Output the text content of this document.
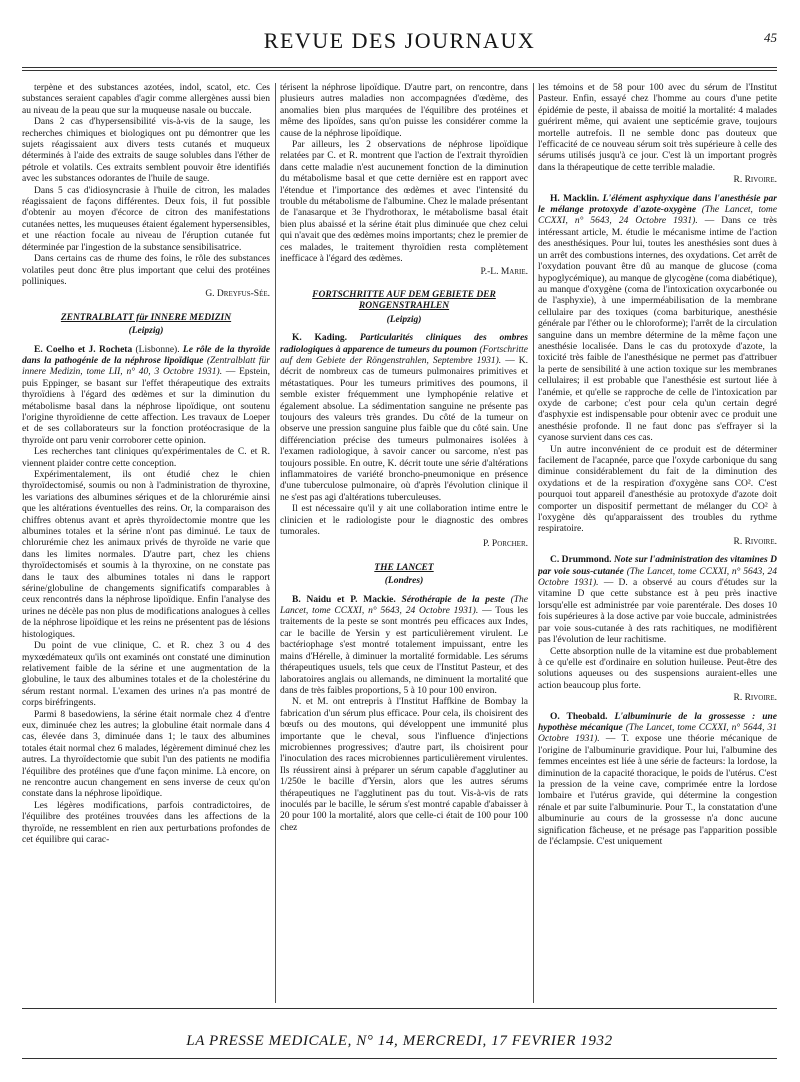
REVUE DES JOURNAUX	45

terpène et des substances azotées, indol, scatol, etc. Ces substances seraient capables d'agir comme allergènes aussi bien au niveau de la peau que sur la muqueuse nasale ou buccale.

Dans 2 cas d'hypersensibilité vis-à-vis de la sauge, les recherches chimiques et biologiques ont pu démontrer que les sujets réagissaient aux divers tests cutanés et muqueux déterminés à l'aide des extraits de sauge solubles dans l'éther de pétrole et volatils. Ces extraits semblent pouvoir être identifiés avec les substances odorantes de l'huile de sauge.

Dans 5 cas d'idiosyncrasie à l'huile de citron, les malades réagissaient de façons différentes. Deux fois, il fut possible d'obtenir au moyen d'écorce de citron des manifestations cutanées nettes, les muqueuses étaient également hypersensibles, et une réaction focale au niveau de l'éruption cutanée fut déterminée par l'ingestion de la substance sensibilisatrice.

Dans certains cas de rhume des foins, le rôle des substances volatiles peut donc être plus important que celui des protéines polliniques.

G. Dreyfus-Sée.

ZENTRALBLATT für INNERE MEDIZIN

(Leipzig)

E. Coelho et J. Rocheta (Lisbonne). Le rôle de la thyroïde dans la pathogénie de la néphrose lipoïdique (Zentralblatt für innere Medizin, tome LII, n° 40, 3 Octobre 1931). — Epstein, puis Eppinger, se basant sur l'effet thérapeutique des extraits thyroïdiens à l'égard des œdèmes et sur la diminution du métabolisme basal dans la néphrose lipoïdique, ont soutenu l'origine thyroïdienne de cette affection. Les travaux de Loeper et de ses collaborateurs sur la fonction protéocrasique de la thyroïde ont paru venir corroborer cette opinion.

Les recherches tant cliniques qu'expérimentales de C. et R. viennent plaider contre cette conception.

Expérimentalement, ils ont étudié chez le chien thyroïdectomisé, soumis ou non à l'administration de thyroxine, les variations des albumines sériques et de la chlorurémie ainsi que les altérations éventuelles des reins. Or, la comparaison des chiffres obtenus avant et après thyroïdectomie montre que les albumines totales et la sérine n'ont pas diminué. Le taux de chlorurémie chez les animaux privés de thyroïde ne varie que dans les limites normales. D'autre part, chez les chiens thyroïdectomisés et soumis à la thyroxine, on ne constate pas dans le taux des albumines totales ni dans le rapport sérine/globuline de changements significatifs comparables à ceux rencontrés dans la néphrose lipoïdique. Enfin l'analyse des urines ne décèle pas non plus de modifications analogues à celles de la néphrose lipoïdique et les reins ne présentent pas de lésions histologiques.

Du point de vue clinique, C. et R. chez 3 ou 4 des myxœdémateux qu'ils ont examinés ont constaté une diminution relativement faible de la sérine et une augmentation de la globuline, le taux des albumines totales et de la cholestérine du sérum restant normal. L'examen des urines n'a pas montré de corps biréfringents.

Parmi 8 basedowiens, la sérine était normale chez 4 d'entre eux, diminuée chez les autres; la globuline était normale dans 4 cas, élevée dans 3, diminuée dans 1; le taux des albumines totales était normal chez 6 malades, légèrement diminué chez les autres. La thyroïdectomie que subit l'un des patients ne modifia l'équilibre des protéines que d'une façon minime. Là encore, on ne rencontre aucun changement en sens inverse de ceux qu'on constate dans la néphrose lipoïdique.

Les légères modifications, parfois contradictoires, de l'équilibre des protéines trouvées dans les affections de la thyroïde, ne ressemblent en rien aux perturbations profondes de cet équilibre qui carac-

térisent la néphrose lipoïdique. D'autre part, on rencontre, dans plusieurs autres maladies non accompagnées d'œdème, des anomalies bien plus marquées de l'équilibre des protéines et même des lipoïdes, sans qu'on puisse les considérer comme la cause de la néphrose lipoïdique.

Par ailleurs, les 2 observations de néphrose lipoïdique relatées par C. et R. montrent que l'action de l'extrait thyroïdien dans cette maladie n'est aucunement fonction de la diminution du métabolisme basal et que cette dernière est en rapport avec l'étendue et l'importance des œdèmes et avec l'intensité du trouble du métabolisme de l'albumine. Chez le malade présentant de l'anasarque et 3e l'hydrothorax, le métabolisme basal était bien plus abaissé et la sérine était plus diminuée que chez celui qui n'avait que des œdèmes moins importants; chez le premier de ces malades, le traitement thyroïdien resta complètement inefficace à l'égard des œdèmes.

P.-L. Marie.

FORTSCHRITTE AUF DEM GEBIETE DER RONGENSTRAHLEN

(Leipzig)

K. Kading. Particularités cliniques des ombres radiologiques à apparence de tumeurs du poumon (Fortschritte auf dem Gebiete der Röngenstrahlen, Septembre 1931). — K. décrit de nombreux cas de tumeurs pulmonaires primitives et métastatiques. Pour les tumeurs primitives des poumons, il semble exister fréquemment une lymphopénie relative et également absolue. La sédimentation sanguine ne présente pas toujours des valeurs très grandes. Du côté de la tumeur on observe une pression sanguine plus faible que du côté sain. Une différenciation précise des tumeurs pulmonaires isolées à l'examen radiologique, à savoir cancer ou sarcome, n'est pas toujours possible. En outre, K. décrit toute une série d'altérations inflammatoires de variété broncho-pneumonique en présence d'une tuberculose pulmonaire, où d'après l'évolution clinique il ne s'est pas agi d'altérations tuberculeuses.

Il est nécessaire qu'il y ait une collaboration intime entre le clinicien et le radiologiste pour le diagnostic des ombres tumorales.

P. Porcher.

THE LANCET

(Londres)

B. Naidu et P. Mackie. Sérothérapie de la peste (The Lancet, tome CCXXI, n° 5643, 24 Octobre 1931). — Tous les traitements de la peste se sont montrés peu efficaces aux Indes, car le bacille de Yersin y est particulièrement virulent. Le bactériophage s'est montré totalement impuissant, entre les mains d'Hérelle, à diminuer la mortalité formidable. Les sérums thérapeutiques usuels, tels que ceux de l'Institut Pasteur, et des laboratoires anglais ou allemands, ne diminuent la mortalité que dans de très faibles proportions, 5 à 10 pour 100 environ.

N. et M. ont entrepris à l'Institut Haffkine de Bombay la fabrication d'un sérum plus efficace. Pour cela, ils choisirent des bœufs ou des moutons, qui développent une immunité plus importante que le cheval, sous l'influence d'injections microbiennes progressives; d'autre part, ils choisirent pour l'inoculation des races microbiennes particulièrement virulentes. Ils réussirent ainsi à préparer un sérum capable d'agglutiner au 1/250e le bacille d'Yersin, alors que les autres sérums thérapeutiques ne l'agglutinent pas du tout. Vis-à-vis de rats inoculés par le bacille, le sérum s'est montré capable d'abaisser à 20 pour 100 la mortalité, alors que celle-ci était de 100 pour 100 chez

les témoins et de 58 pour 100 avec du sérum de l'Institut Pasteur. Enfin, essayé chez l'homme au cours d'une petite épidémie de peste, il abaissa de moitié la mortalité: 4 malades guérirent même, qui avaient une septicémie grave, toujours mortelle autrefois. Il ne semble donc pas douteux que l'efficacité de ce nouveau sérum soit très supérieure à celle des sérums utilisés jusqu'à ce jour. C'est là un important progrès dans la thérapeutique de cette terrible maladie.

R. Rivoire.

H. Macklin. L'élément asphyxique dans l'anesthésie par le mélange protoxyde d'azote-oxygène (The Lancet, tome CCXXI, n° 5643, 24 Octobre 1931). — Dans ce très intéressant article, M. étudie le mécanisme intime de l'action des anesthésiques. Pour lui, toutes les anesthésies sont dues à un arrêt des combustions internes, des oxydations. Cet arrêt de l'oxydation pouvant être dû au manque de glucose (coma hypoglycémique), au manque de glycogène (coma diabétique), au manque d'oxygène (coma de l'intoxication oxycarbonée ou de l'asphyxie), à une imperméabilisation de la membrane cellulaire par des toxiques (coma barbiturique, anesthésie générale par l'éther ou le chloroforme); l'arrêt de la circulation sanguine dans un membre détermine de la même façon une anesthésie localisée. Dans le cas du protoxyde d'azote, la toxicité très faible de l'anesthésique ne permet pas d'attribuer la perte de sensibilité à une action toxique sur les membranes cellulaires; il est probable que l'anesthésie est surtout liée à l'anémie, et qu'elle se rapproche de celle de l'intoxication par oxyde de carbone; c'est pour cela qu'un certain degré d'asphyxie est indispensable pour obtenir avec ce produit une anesthésie profonde. Il ne faut donc pas s'effrayer si la cyanose survient dans ces cas.

Un autre inconvénient de ce produit est de déterminer facilement de l'acapnée, parce que l'oxyde carbonique du sang diminue considérablement du fait de la diminution des oxydations et de la respiration d'oxygène sans CO². C'est pourquoi tout appareil d'anesthésie au protoxyde d'azote doit comporter un dispositif permettant de mélanger du CO² à l'oxygène dès qu'apparaissent des troubles du rythme respiratoire.

R. Rivoire.

C. Drummond. Note sur l'administration des vitamines D par voie sous-cutanée (The Lancet, tome CCXXI, n° 5643, 24 Octobre 1931). — D. a observé au cours d'études sur la vitamine D que cette substance est à peu près inactive lorsqu'elle est administrée par voie parentérale. Des doses 10 fois supérieures à la dose active par voie buccale, administrées par voie sous-cutanée à des rats rachitiques, ne modifièrent pas l'évolution de leur rachitisme.

Cette absorption nulle de la vitamine est due probablement à ce qu'elle est d'ordinaire en solution huileuse. Peut-être des solutions aqueuses ou des suspensions auraient-elles une action beaucoup plus forte.

R. Rivoire.

O. Theobald. L'albuminurie de la grossesse : une hypothèse mécanique (The Lancet, tome CCXXI, n° 5644, 31 Octobre 1931). — T. expose une théorie mécanique de l'origine de l'albuminurie gravidique. Pour lui, l'albumine des femmes enceintes est liée à une série de facteurs: la lordose, la diminution de la capacité thoracique, le poids de l'utérus. C'est la pression de la veine cave, comprimée entre la lordose lombaire et l'utérus gravide, qui détermine la congestion rénale et par suite l'albuminurie. Pour T., la constatation d'une albuminurie au cours de la grossesse n'a donc aucune signification fâcheuse, et ne présage pas l'apparition possible de l'éclampsie. C'est uniquement

LA PRESSE MEDICALE, N° 14, MERCREDI, 17 FEVRIER 1932
